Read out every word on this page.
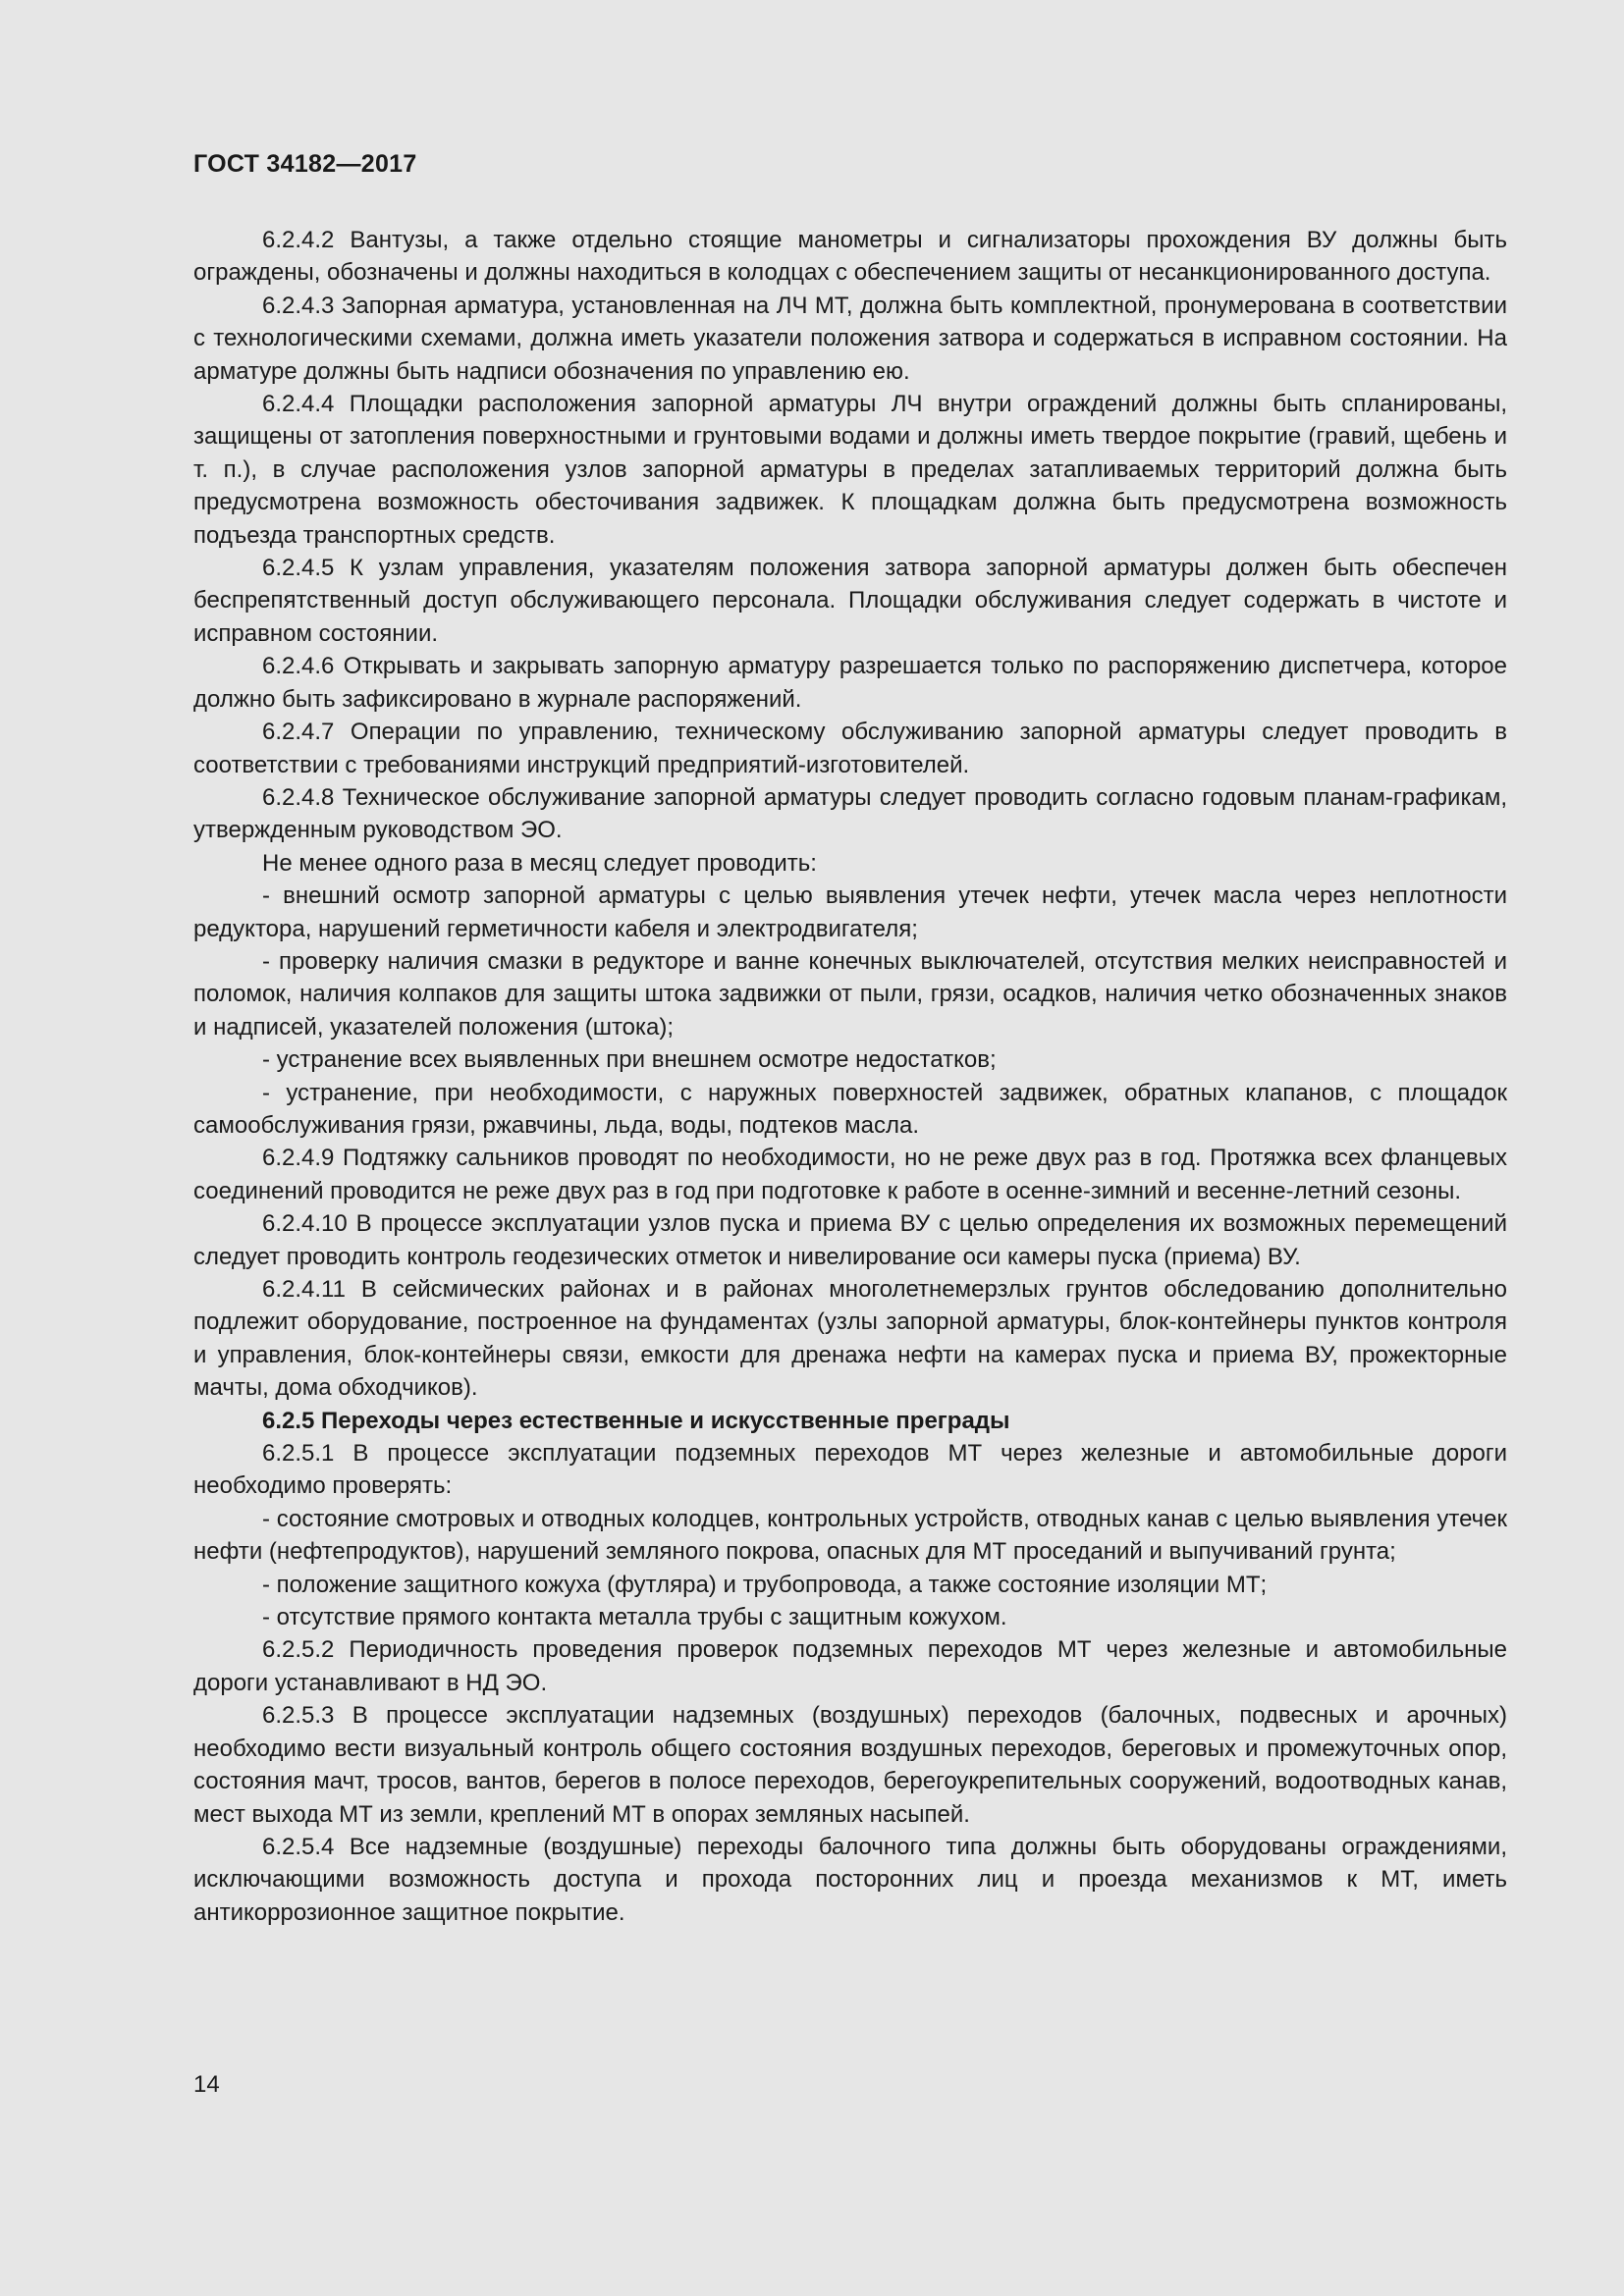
ГОСТ 34182—2017

6.2.4.2 Вантузы, а также отдельно стоящие манометры и сигнализаторы прохождения ВУ должны быть ограждены, обозначены и должны находиться в колодцах с обеспечением защиты от несанкционированного доступа.

6.2.4.3 Запорная арматура, установленная на ЛЧ МТ, должна быть комплектной, пронумерована в соответствии с технологическими схемами, должна иметь указатели положения затвора и содержаться в исправном состоянии. На арматуре должны быть надписи обозначения по управлению ею.

6.2.4.4 Площадки расположения запорной арматуры ЛЧ внутри ограждений должны быть спланированы, защищены от затопления поверхностными и грунтовыми водами и должны иметь твердое покрытие (гравий, щебень и т. п.), в случае расположения узлов запорной арматуры в пределах затапливаемых территорий должна быть предусмотрена возможность обесточивания задвижек. К площадкам должна быть предусмотрена возможность подъезда транспортных средств.

6.2.4.5 К узлам управления, указателям положения затвора запорной арматуры должен быть обеспечен беспрепятственный доступ обслуживающего персонала. Площадки обслуживания следует содержать в чистоте и исправном состоянии.

6.2.4.6 Открывать и закрывать запорную арматуру разрешается только по распоряжению диспетчера, которое должно быть зафиксировано в журнале распоряжений.

6.2.4.7 Операции по управлению, техническому обслуживанию запорной арматуры следует проводить в соответствии с требованиями инструкций предприятий-изготовителей.

6.2.4.8 Техническое обслуживание запорной арматуры следует проводить согласно годовым планам-графикам, утвержденным руководством ЭО.

Не менее одного раза в месяц следует проводить:

- внешний осмотр запорной арматуры с целью выявления утечек нефти, утечек масла через неплотности редуктора, нарушений герметичности кабеля и электродвигателя;

- проверку наличия смазки в редукторе и ванне конечных выключателей, отсутствия мелких неисправностей и поломок, наличия колпаков для защиты штока задвижки от пыли, грязи, осадков, наличия четко обозначенных знаков и надписей, указателей положения (штока);

- устранение всех выявленных при внешнем осмотре недостатков;

- устранение, при необходимости, с наружных поверхностей задвижек, обратных клапанов, с площадок самообслуживания грязи, ржавчины, льда, воды, подтеков масла.

6.2.4.9 Подтяжку сальников проводят по необходимости, но не реже двух раз в год. Протяжка всех фланцевых соединений проводится не реже двух раз в год при подготовке к работе в осенне-зимний и весенне-летний сезоны.

6.2.4.10 В процессе эксплуатации узлов пуска и приема ВУ с целью определения их возможных перемещений следует проводить контроль геодезических отметок и нивелирование оси камеры пуска (приема) ВУ.

6.2.4.11 В сейсмических районах и в районах многолетнемерзлых грунтов обследованию дополнительно подлежит оборудование, построенное на фундаментах (узлы запорной арматуры, блок-контейнеры пунктов контроля и управления, блок-контейнеры связи, емкости для дренажа нефти на камерах пуска и приема ВУ, прожекторные мачты, дома обходчиков).

6.2.5 Переходы через естественные и искусственные преграды

6.2.5.1 В процессе эксплуатации подземных переходов МТ через железные и автомобильные дороги необходимо проверять:

- состояние смотровых и отводных колодцев, контрольных устройств, отводных канав с целью выявления утечек нефти (нефтепродуктов), нарушений земляного покрова, опасных для МТ проседаний и выпучиваний грунта;

- положение защитного кожуха (футляра) и трубопровода, а также состояние изоляции МТ;

- отсутствие прямого контакта металла трубы с защитным кожухом.

6.2.5.2 Периодичность проведения проверок подземных переходов МТ через железные и автомобильные дороги устанавливают в НД ЭО.

6.2.5.3 В процессе эксплуатации надземных (воздушных) переходов (балочных, подвесных и арочных) необходимо вести визуальный контроль общего состояния воздушных переходов, береговых и промежуточных опор, состояния мачт, тросов, вантов, берегов в полосе переходов, берегоукрепительных сооружений, водоотводных канав, мест выхода МТ из земли, креплений МТ в опорах земляных насыпей.

6.2.5.4 Все надземные (воздушные) переходы балочного типа должны быть оборудованы ограждениями, исключающими возможность доступа и прохода посторонних лиц и проезда механизмов к МТ, иметь антикоррозионное защитное покрытие.

14
